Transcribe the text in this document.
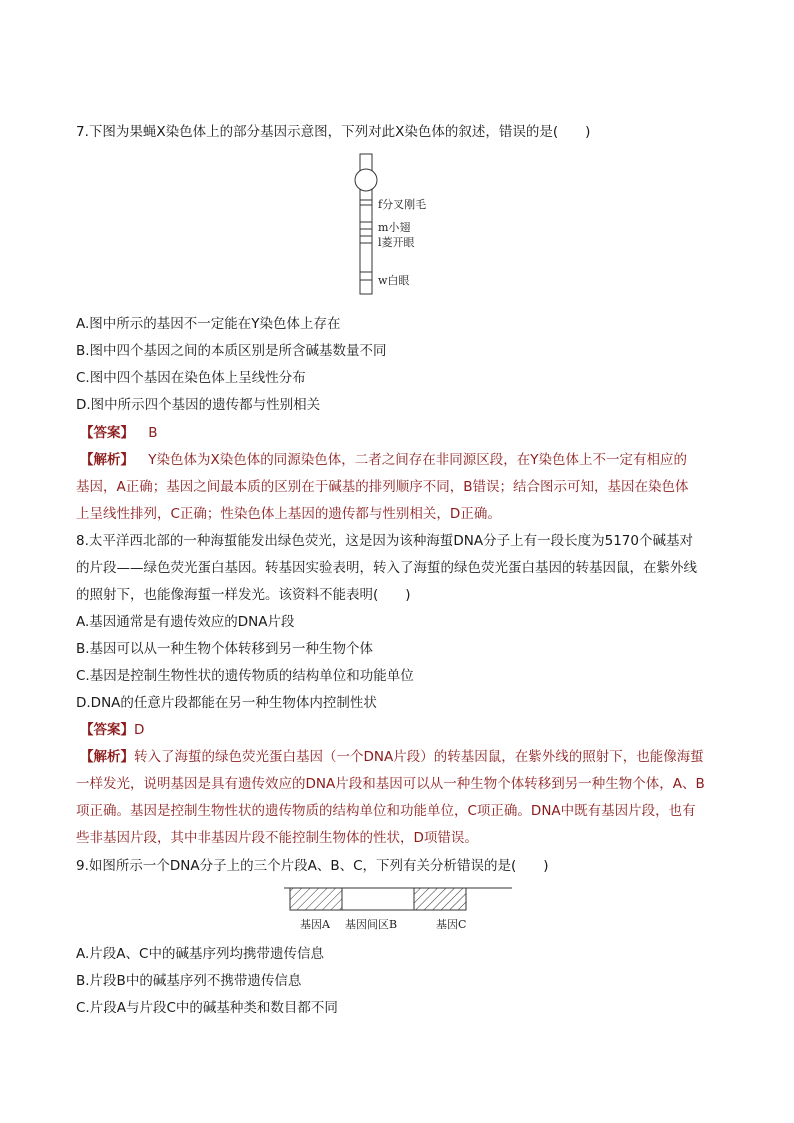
7.下图为果蝇X染色体上的部分基因示意图，下列对此X染色体的叙述，错误的是(　　)
f分叉刚毛
m小翅
l菱开眼
w白眼
A.图中所示的基因不一定能在Y染色体上存在
B.图中四个基因之间的本质区别是所含碱基数量不同
C.图中四个基因在染色体上呈线性分布
D.图中所示四个基因的遗传都与性别相关
【答案】 B
【解析】 Y染色体为X染色体的同源染色体，二者之间存在非同源区段，在Y染色体上不一定有相应的
基因，A正确；基因之间最本质的区别在于碱基的排列顺序不同，B错误；结合图示可知，基因在染色体
上呈线性排列，C正确；性染色体上基因的遗传都与性别相关，D正确。
8.太平洋西北部的一种海蜇能发出绿色荧光，这是因为该种海蜇DNA分子上有一段长度为5170个碱基对
的片段——绿色荧光蛋白基因。转基因实验表明，转入了海蜇的绿色荧光蛋白基因的转基因鼠，在紫外线
的照射下，也能像海蜇一样发光。该资料不能表明(　　)
A.基因通常是有遗传效应的DNA片段
B.基因可以从一种生物个体转移到另一种生物个体
C.基因是控制生物性状的遗传物质的结构单位和功能单位
D.DNA的任意片段都能在另一种生物体内控制性状
【答案】D
【解析】转入了海蜇的绿色荧光蛋白基因（一个DNA片段）的转基因鼠，在紫外线的照射下，也能像海蜇
一样发光，说明基因是具有遗传效应的DNA片段和基因可以从一种生物个体转移到另一种生物个体，A、B
项正确。基因是控制生物性状的遗传物质的结构单位和功能单位，C项正确。DNA中既有基因片段，也有
些非基因片段，其中非基因片段不能控制生物体的性状，D项错误。
9.如图所示一个DNA分子上的三个片段A、B、C，下列有关分析错误的是(　　)
基因A 基因间区B	基因C
A.片段A、C中的碱基序列均携带遗传信息
B.片段B中的碱基序列不携带遗传信息
C.片段A与片段C中的碱基种类和数目都不同
